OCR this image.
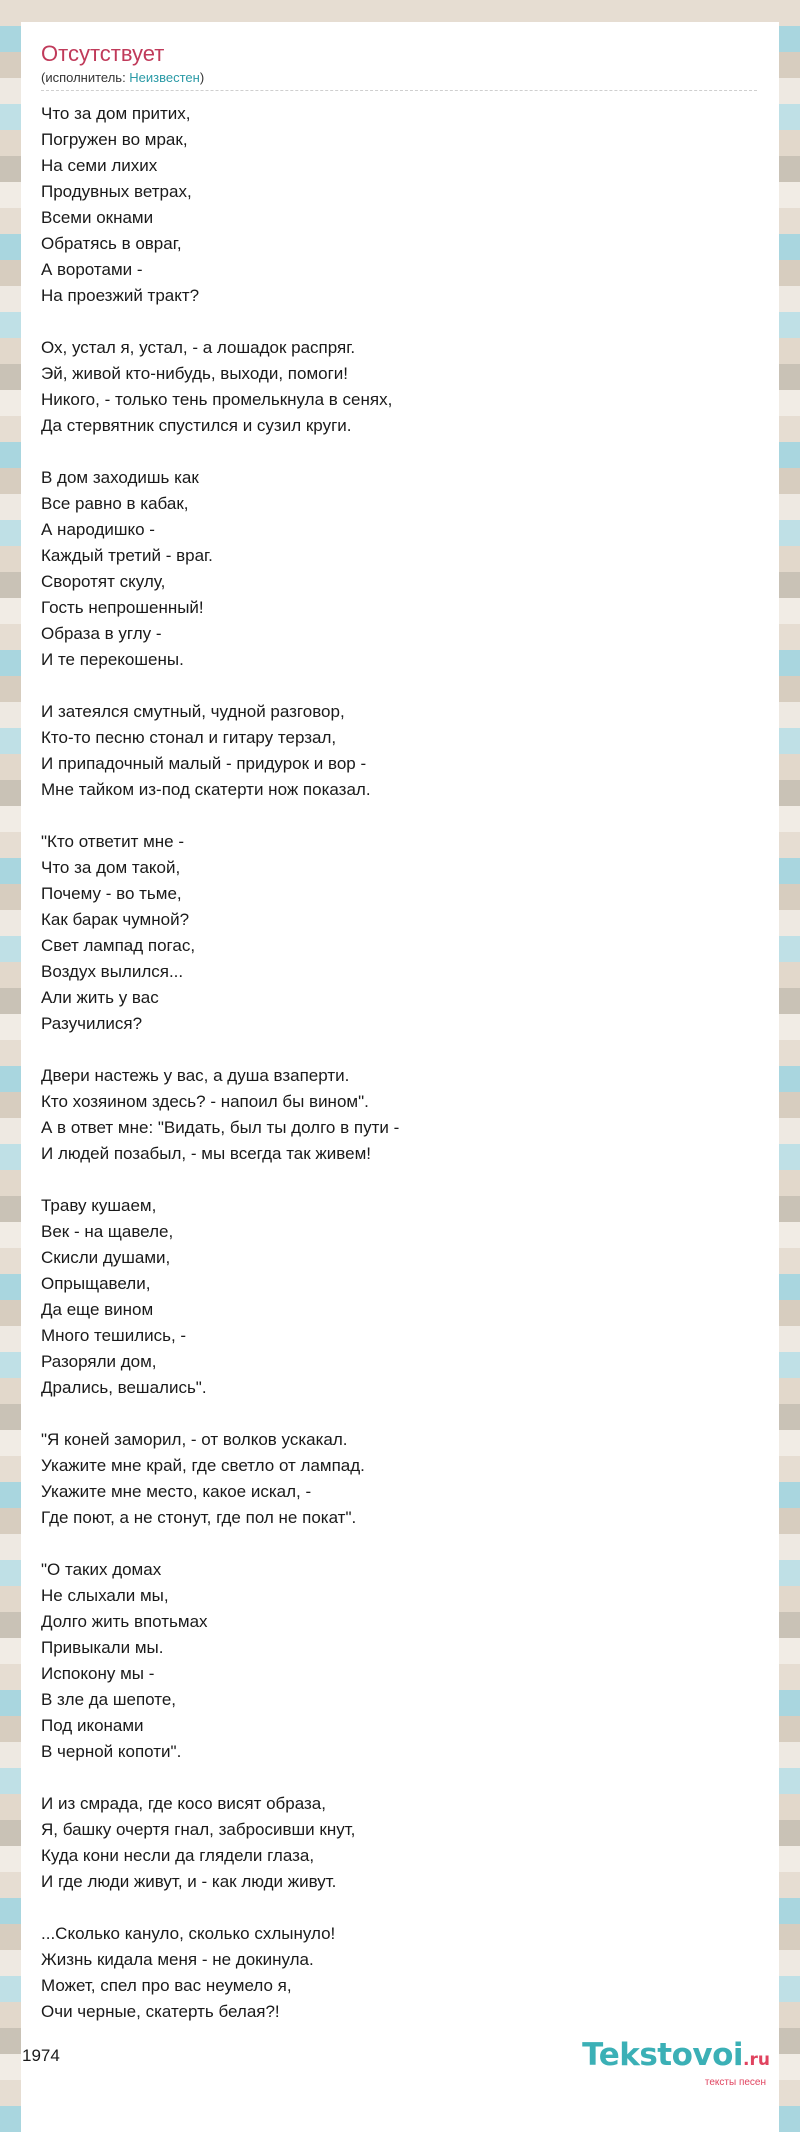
Отсутствует
(исполнитель: Неизвестен)
Что за дом притих,
Погружен во мрак,
На семи лихих
Продувных ветрах,
Всеми окнами
Обратясь в овраг,
А воротами -
На проезжий тракт?
Ох, устал я, устал, - а лошадок распряг.
Эй, живой кто-нибудь, выходи, помоги!
Никого, - только тень промелькнула в сенях,
Да стервятник спустился и сузил круги.
В дом заходишь как
Все равно в кабак,
А народишко -
Каждый третий - враг.
Своротят скулу,
Гость непрошенный!
Образа в углу -
И те перекошены.
И затеялся смутный, чудной разговор,
Кто-то песню стонал и гитару терзал,
И припадочный малый - придурок и вор -
Мне тайком из-под скатерти нож показал.
"Кто ответит мне -
Что за дом такой,
Почему - во тьме,
Как барак чумной?
Свет лампад погас,
Воздух вылился...
Али жить у вас
Разучилися?
Двери настежь у вас, а душа взаперти.
Кто хозяином здесь? - напоил бы вином".
А в ответ мне: "Видать, был ты долго в пути -
И людей позабыл, - мы всегда так живем!
Траву кушаем,
Век - на щавеле,
Скисли душами,
Опрыщавели,
Да еще вином
Много тешились, -
Разоряли дом,
Дрались, вешались".
"Я коней заморил, - от волков ускакал.
Укажите мне край, где светло от лампад.
Укажите мне место, какое искал, -
Где поют, а не стонут, где пол не покат".
"О таких домах
Не слыхали мы,
Долго жить впотьмах
Привыкали мы.
Испокону мы -
В зле да шепоте,
Под иконами
В черной копоти".
И из смрада, где косо висят образа,
Я, башку очертя гнал, забросивши кнут,
Куда кони несли да глядели глаза,
И где люди живут, и - как люди живут.
...Сколько кануло, сколько схлынуло!
Жизнь кидала меня - не докинула.
Может, спел про вас неумело я,
Очи черные, скатерть белая?!
1974	Tekstovoi.ru
тексты песен
